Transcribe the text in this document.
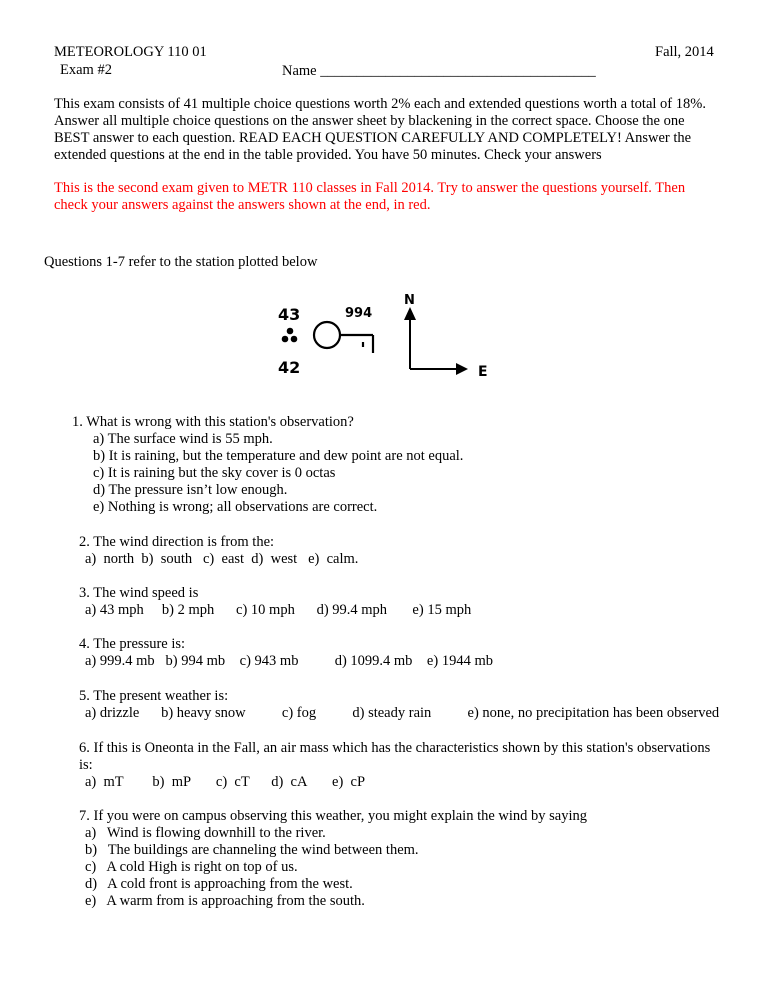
METEOROLOGY 110 01
Exam #2
Fall, 2014
Name ______________________________________
This exam consists of 41 multiple choice questions worth 2% each and extended questions worth a total of 18%. Answer all multiple choice questions on the answer sheet by blackening in the correct space. Choose the one BEST answer to each question. READ EACH QUESTION CAREFULLY AND COMPLETELY! Answer the extended questions at the end in the table provided. You have 50 minutes. Check your answers
This is the second exam given to METR 110 classes in Fall 2014. Try to answer the questions yourself. Then check your answers against the answers shown at the end, in red.
Questions 1-7 refer to the station plotted below
43
42
994
N
E
1. What is wrong with this station's observation?
a) The surface wind is 55 mph.
b) It is raining, but the temperature and dew point are not equal.
c) It is raining but the sky cover is 0 octas
d) The pressure isn’t low enough.
e) Nothing is wrong; all observations are correct.
2. The wind direction is from the:
a)  north  b)  south   c)  east  d)  west   e)  calm.
3. The wind speed is
a) 43 mph     b) 2 mph      c) 10 mph      d) 99.4 mph       e) 15 mph
4. The pressure is:
a) 999.4 mb   b) 994 mb    c) 943 mb          d) 1099.4 mb    e) 1944 mb
5. The present weather is:
a) drizzle      b) heavy snow          c) fog          d) steady rain          e) none, no precipitation has been observed
6. If this is Oneonta in the Fall, an air mass which has the characteristics shown by this station's observations is:
a)  mT        b)  mP       c)  cT      d)  cA       e)  cP
7. If you were on campus observing this weather, you might explain the wind by saying
a)   Wind is flowing downhill to the river.
b)   The buildings are channeling the wind between them.
c)   A cold High is right on top of us.
d)   A cold front is approaching from the west.
e)   A warm from is approaching from the south.
